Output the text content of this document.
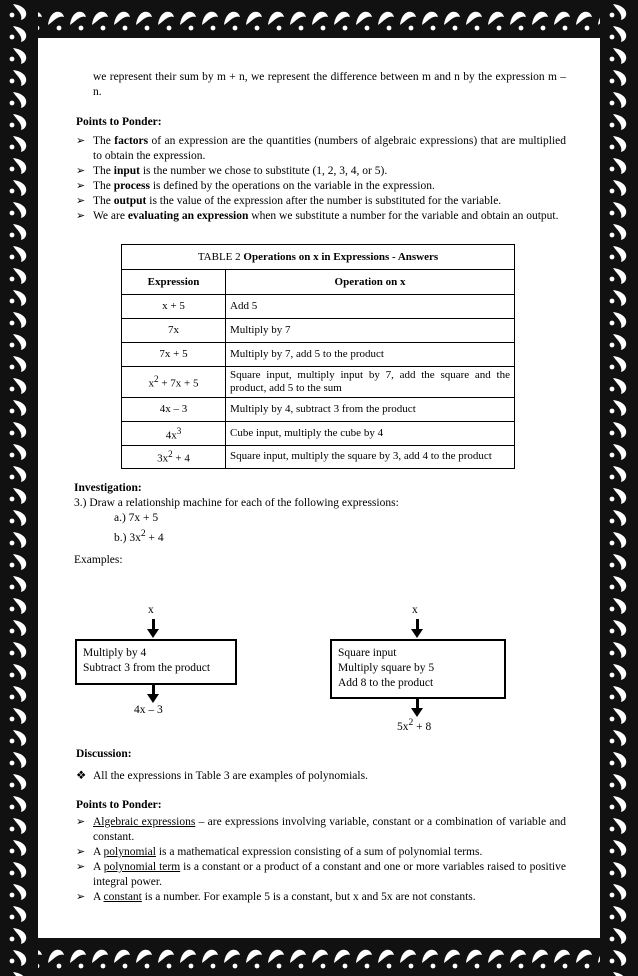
we represent their sum by m + n, we represent the difference between m and n by the expression m – n.

Points to Ponder:

➢ The factors of an expression are the quantities (numbers of algebraic expressions) that are multiplied to obtain the expression.
➢ The input is the number we chose to substitute (1, 2, 3, 4, or 5).
➢ The process is defined by the operations on the variable in the expression.
➢ The output is the value of the expression after the number is substituted for the variable.
➢ We are evaluating an expression when we substitute a number for the variable and obtain an output.
TABLE 2 Operations on x in Expressions - Answers	
Expression	Operation on x
x + 5	Add 5
7x	Multiply by 7
7x + 5	Multiply by 7, add 5 to the product
$x^2 + 7x + 5$	Square input, multiply input by 7, add the square and the product, add 5 to the sum
4x – 3	Multiply by 4, subtract 3 from the product
$4x^3$	Cube input, multiply the cube by 4
$3x^2 + 4$	Square input, multiply the square by 3, add 4 to the product

Investigation:

3.) Draw a relationship machine for each of the following expressions:

a.) 7x + 5

b.) $3x^2 + 4$

Examples:

x
Multiply by 4
Subtract 3 from the product
4x – 3
x
Square input
Multiply square by 5
Add 8 to the product
$5x^2 + 8$

Discussion:

❖ All the expressions in Table 3 are examples of polynomials.

Points to Ponder:

➢ Algebraic expressions – are expressions involving variable, constant or a combination of variable and constant.
➢ A polynomial is a mathematical expression consisting of a sum of polynomial terms.
➢ A polynomial term is a constant or a product of a constant and one or more variables raised to positive integral power.
➢ A constant is a number. For example 5 is a constant, but x and 5x are not constants.
